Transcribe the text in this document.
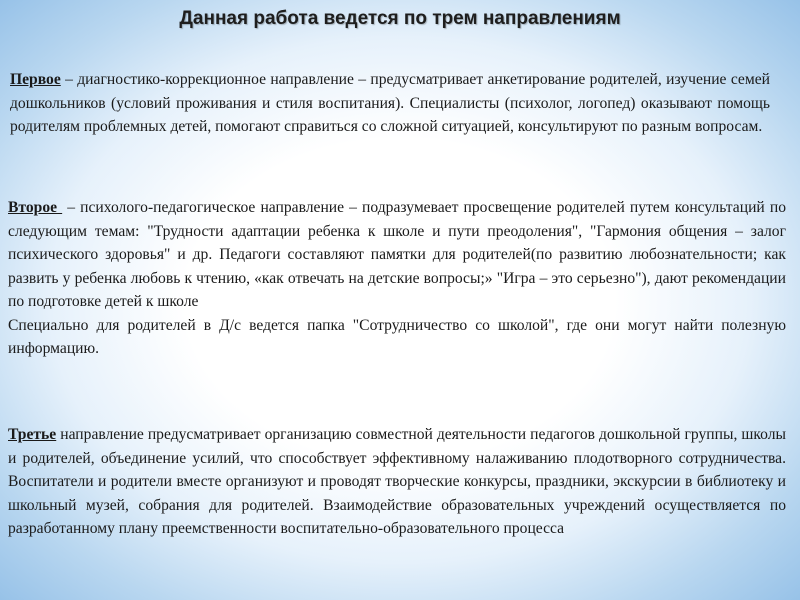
Данная работа ведется по трем направлениям

Первое – диагностико-коррекционное направление – предусматривает анкетирование родителей, изучение семей дошкольников (условий проживания и стиля воспитания). Специалисты (психолог, логопед) оказывают помощь родителям проблемных детей, помогают справиться со сложной ситуацией, консультируют по разным вопросам.

Второе  – психолого-педагогическое направление – подразумевает просвещение родителей путем консультаций по следующим темам: "Трудности адаптации ребенка к школе и пути преодоления", "Гармония общения – залог психического здоровья" и др. Педагоги составляют памятки для родителей(по развитию любознательности; как развить у ребенка любовь к чтению, «как отвечать на детские вопросы;» "Игра – это серьезно"), дают рекомендации по подготовке детей к школе

Специально для родителей в Д/с ведется папка "Сотрудничество со школой", где они могут найти полезную информацию.

Третье направление предусматривает организацию совместной деятельности педагогов дошкольной группы, школы и родителей, объединение усилий, что способствует эффективному налаживанию плодотворного сотрудничества. Воспитатели и родители вместе организуют и проводят творческие конкурсы, праздники, экскурсии в библиотеку и школьный музей, собрания для родителей. Взаимодействие образовательных учреждений осуществляется по разработанному плану преемственности воспитательно-образовательного процесса
